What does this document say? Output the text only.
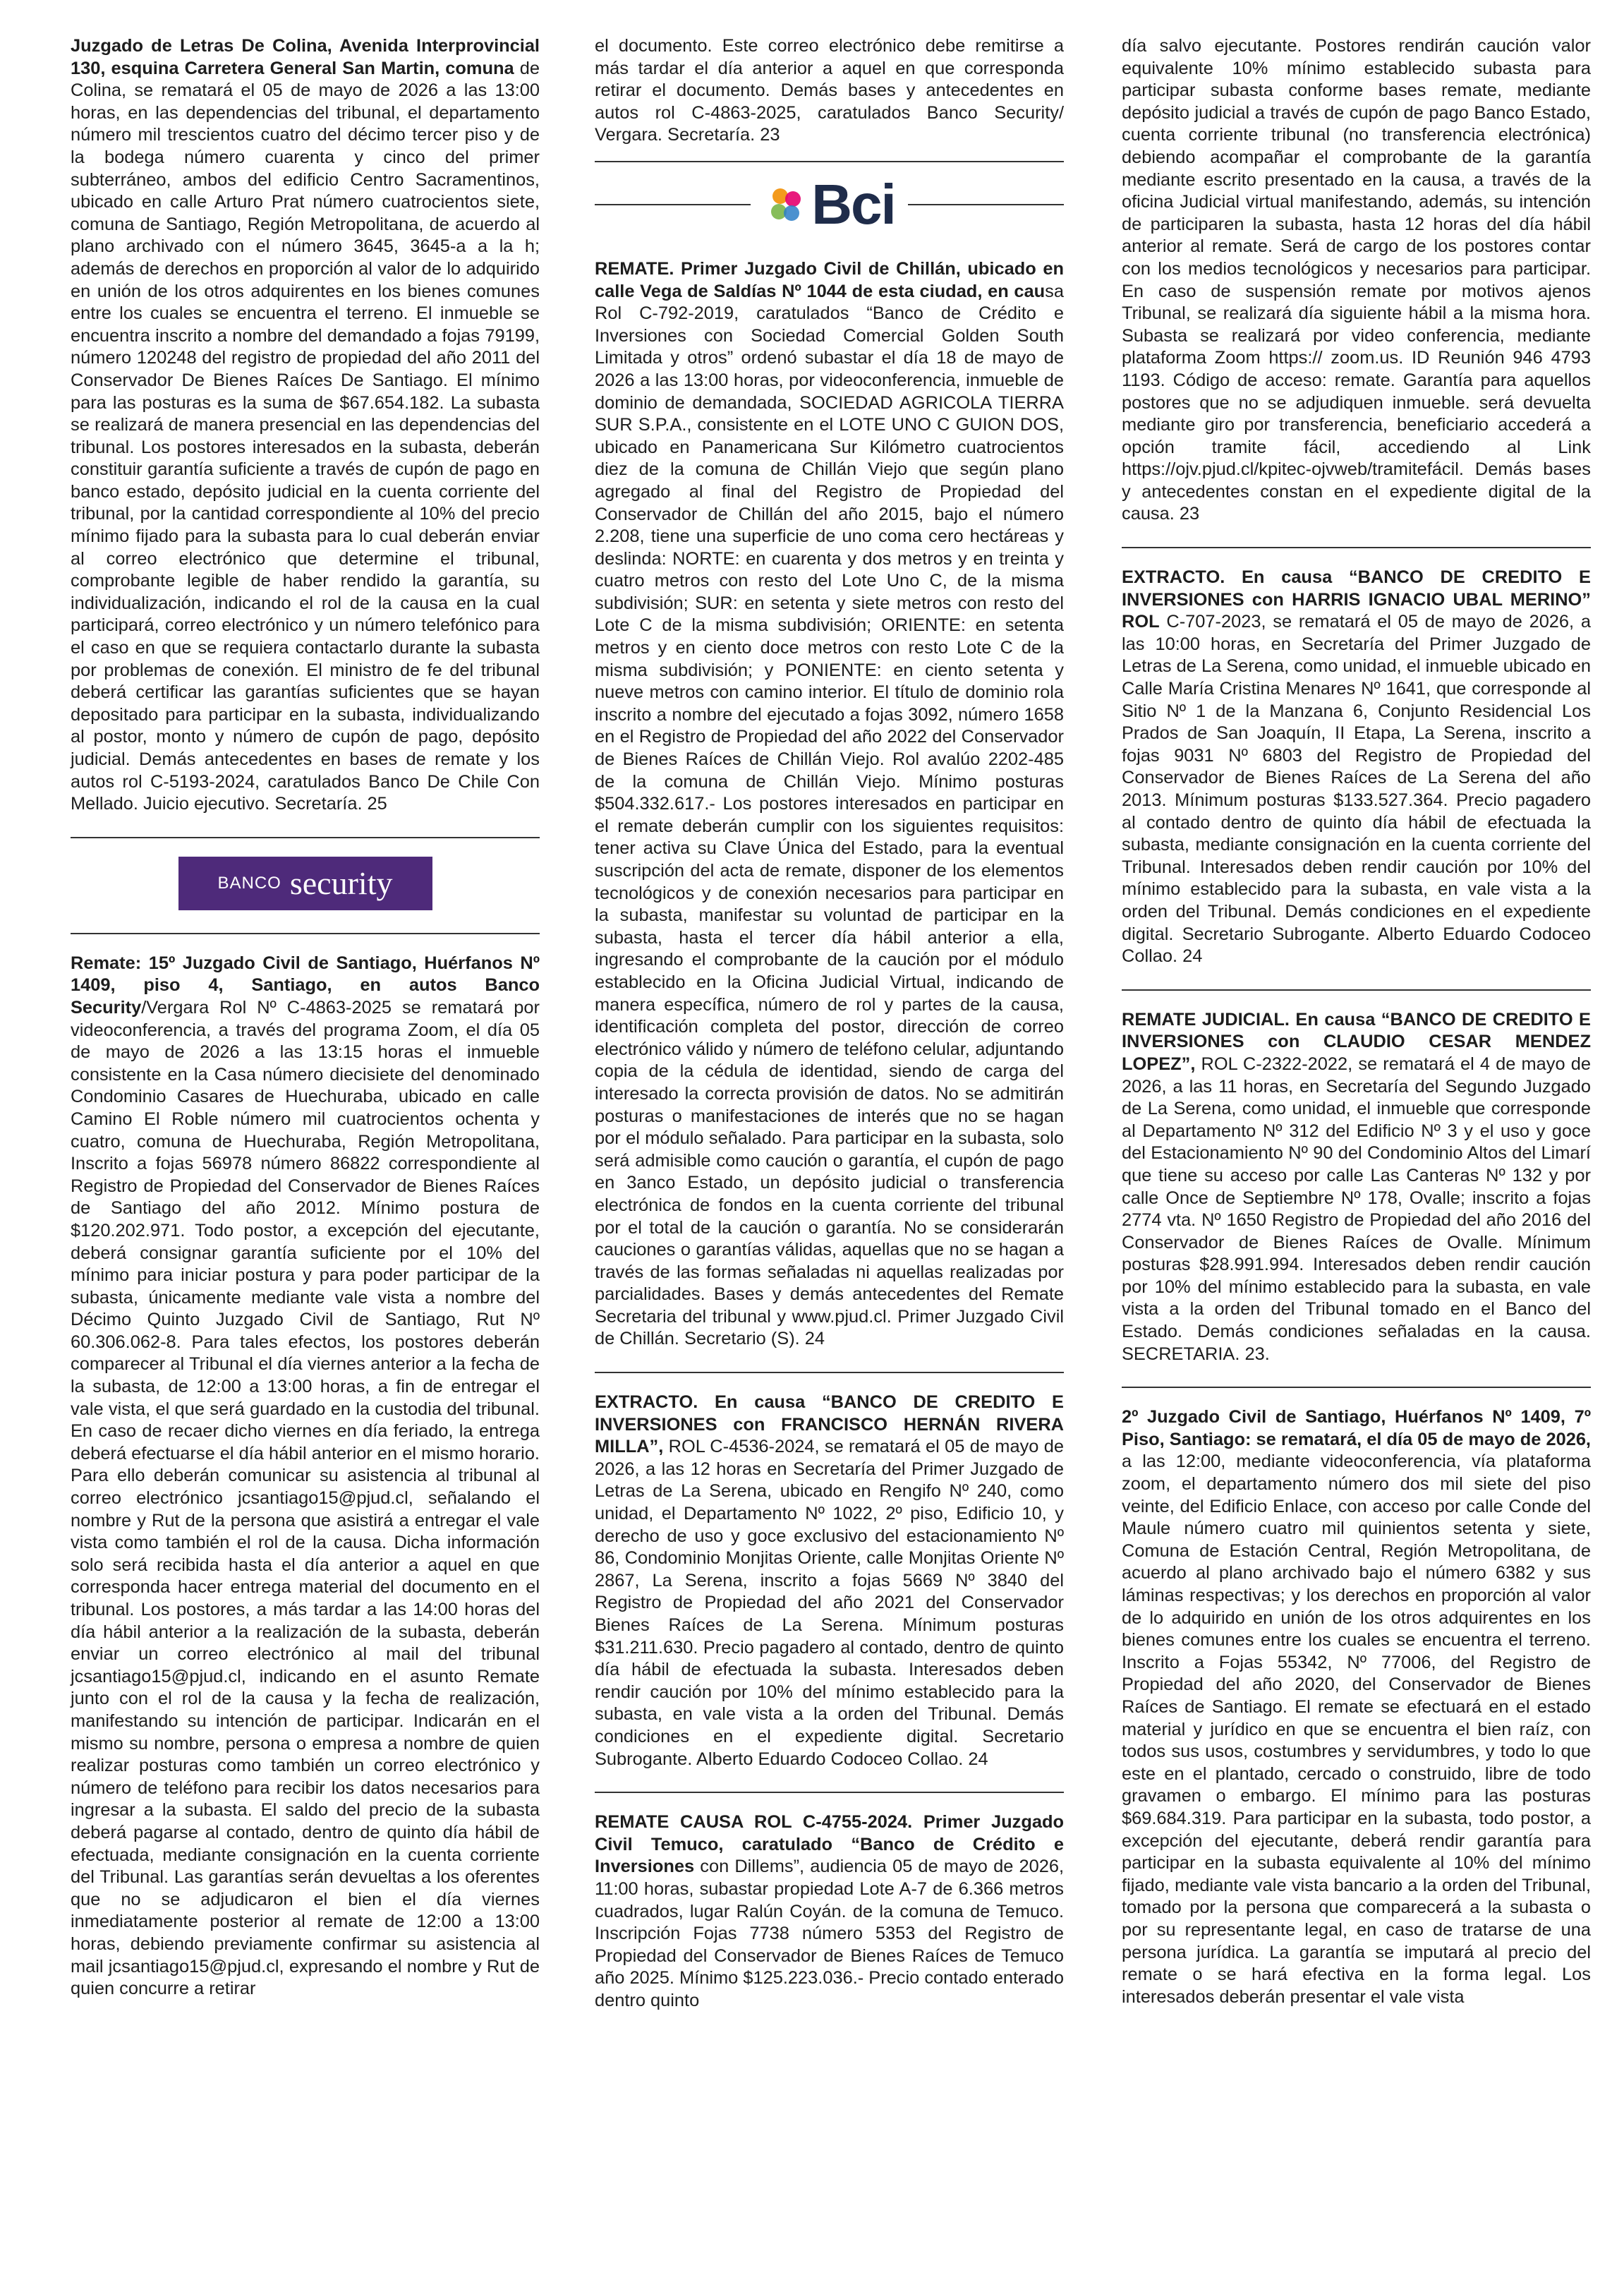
Juzgado de Letras De Colina, Avenida Interprovincial 130, esquina Carretera General San Martin, comuna de Colina, se rematará el 05 de mayo de 2026 a las 13:00 horas, en las dependencias del tribunal, el departamento número mil trescientos cuatro del décimo tercer piso y de la bodega número cuarenta y cinco del primer subterráneo, ambos del edificio Centro Sacramentinos, ubicado en calle Arturo Prat número cuatrocientos siete, comuna de Santiago, Región Metropolitana, de acuerdo al plano archivado con el número 3645, 3645-a a la h; además de derechos en proporción al valor de lo adquirido en unión de los otros adquirentes en los bienes comunes entre los cuales se encuentra el terreno. El inmueble se encuentra inscrito a nombre del demandado a fojas 79199, número 120248 del registro de propiedad del año 2011 del Conservador De Bienes Raíces De Santiago. El mínimo para las posturas es la suma de $67.654.182. La subasta se realizará de manera presencial en las dependencias del tribunal. Los postores interesados en la subasta, deberán constituir garantía suficiente a través de cupón de pago en banco estado, depósito judicial en la cuenta corriente del tribunal, por la cantidad correspondiente al 10% del precio mínimo fijado para la subasta para lo cual deberán enviar al correo electrónico que determine el tribunal, comprobante legible de haber rendido la garantía, su individualización, indicando el rol de la causa en la cual participará, correo electrónico y un número telefónico para el caso en que se requiera contactarlo durante la subasta por problemas de conexión. El ministro de fe del tribunal deberá certificar las garantías suficientes que se hayan depositado para participar en la subasta, individualizando al postor, monto y número de cupón de pago, depósito judicial. Demás antecedentes en bases de remate y los autos rol C-5193-2024, caratulados Banco De Chile Con Mellado. Juicio ejecutivo. Secretaría. 25

BANCO security

Remate: 15º Juzgado Civil de Santiago, Huérfanos Nº 1409, piso 4, Santiago, en autos Banco Security/Vergara Rol Nº C-4863-2025 se rematará por videoconferencia, a través del programa Zoom, el día 05 de mayo de 2026 a las 13:15 horas el inmueble consistente en la Casa número diecisiete del denominado Condominio Casares de Huechuraba, ubicado en calle Camino El Roble número mil cuatrocientos ochenta y cuatro, comuna de Huechuraba, Región Metropolitana, Inscrito a fojas 56978 número 86822 correspondiente al Registro de Propiedad del Conservador de Bienes Raíces de Santiago del año 2012. Mínimo postura de $120.202.971. Todo postor, a excepción del ejecutante, deberá consignar garantía suficiente por el 10% del mínimo para iniciar postura y para poder participar de la subasta, únicamente mediante vale vista a nombre del Décimo Quinto Juzgado Civil de Santiago, Rut Nº 60.306.062-8. Para tales efectos, los postores deberán comparecer al Tribunal el día viernes anterior a la fecha de la subasta, de 12:00 a 13:00 horas, a fin de entregar el vale vista, el que será guardado en la custodia del tribunal. En caso de recaer dicho viernes en día feriado, la entrega deberá efectuarse el día hábil anterior en el mismo horario. Para ello deberán comunicar su asistencia al tribunal al correo electrónico jcsantiago15@pjud.cl, señalando el nombre y Rut de la persona que asistirá a entregar el vale vista como también el rol de la causa. Dicha información solo será recibida hasta el día anterior a aquel en que corresponda hacer entrega material del documento en el tribunal. Los postores, a más tardar a las 14:00 horas del día hábil anterior a la realización de la subasta, deberán enviar un correo electrónico al mail del tribunal jcsantiago15@pjud.cl, indicando en el asunto Remate junto con el rol de la causa y la fecha de realización, manifestando su intención de participar. Indicarán en el mismo su nombre, persona o empresa a nombre de quien realizar posturas como también un correo electrónico y número de teléfono para recibir los datos necesarios para ingresar a la subasta. El saldo del precio de la subasta deberá pagarse al contado, dentro de quinto día hábil de efectuada, mediante consignación en la cuenta corriente del Tribunal. Las garantías serán devueltas a los oferentes que no se adjudicaron el bien el día viernes inmediatamente posterior al remate de 12:00 a 13:00 horas, debiendo previamente confirmar su asistencia al mail jcsantiago15@pjud.cl, expresando el nombre y Rut de quien concurre a retirar

el documento. Este correo electrónico debe remitirse a más tardar el día anterior a aquel en que corresponda retirar el documento. Demás bases y antecedentes en autos rol C-4863-2025, caratulados Banco Security/ Vergara. Secretaría. 23

Bci

REMATE. Primer Juzgado Civil de Chillán, ubicado en calle Vega de Saldías Nº 1044 de esta ciudad, en causa Rol C-792-2019, caratulados “Banco de Crédito e Inversiones con Sociedad Comercial Golden South Limitada y otros” ordenó subastar el día 18 de mayo de 2026 a las 13:00 horas, por videoconferencia, inmueble de dominio de demandada, SOCIEDAD AGRICOLA TIERRA SUR S.P.A., consistente en el LOTE UNO C GUION DOS, ubicado en Panamericana Sur Kilómetro cuatrocientos diez de la comuna de Chillán Viejo que según plano agregado al final del Registro de Propiedad del Conservador de Chillán del año 2015, bajo el número 2.208, tiene una superficie de uno coma cero hectáreas y deslinda: NORTE: en cuarenta y dos metros y en treinta y cuatro metros con resto del Lote Uno C, de la misma subdivisión; SUR: en setenta y siete metros con resto del Lote C de la misma subdivisión; ORIENTE: en setenta metros y en ciento doce metros con resto Lote C de la misma subdivisión; y PONIENTE: en ciento setenta y nueve metros con camino interior. El título de dominio rola inscrito a nombre del ejecutado a fojas 3092, número 1658 en el Registro de Propiedad del año 2022 del Conservador de Bienes Raíces de Chillán Viejo. Rol avalúo 2202-485 de la comuna de Chillán Viejo. Mínimo posturas $504.332.617.- Los postores interesados en participar en el remate deberán cumplir con los siguientes requisitos: tener activa su Clave Única del Estado, para la eventual suscripción del acta de remate, disponer de los elementos tecnológicos y de conexión necesarios para participar en la subasta, manifestar su voluntad de participar en la subasta, hasta el tercer día hábil anterior a ella, ingresando el comprobante de la caución por el módulo establecido en la Oficina Judicial Virtual, indicando de manera específica, número de rol y partes de la causa, identificación completa del postor, dirección de correo electrónico válido y número de teléfono celular, adjuntando copia de la cédula de identidad, siendo de carga del interesado la correcta provisión de datos. No se admitirán posturas o manifestaciones de interés que no se hagan por el módulo señalado. Para participar en la subasta, solo será admisible como caución o garantía, el cupón de pago en 3anco Estado, un depósito judicial o transferencia electrónica de fondos en la cuenta corriente del tribunal por el total de la caución o garantía. No se considerarán cauciones o garantías válidas, aquellas que no se hagan a través de las formas señaladas ni aquellas realizadas por parcialidades. Bases y demás antecedentes del Remate Secretaria del tribunal y www.pjud.cl. Primer Juzgado Civil de Chillán. Secretario (S). 24

EXTRACTO. En causa “BANCO DE CREDITO E INVERSIONES con FRANCISCO HERNÁN RIVERA MILLA”, ROL C-4536-2024, se rematará el 05 de mayo de 2026, a las 12 horas en Secretaría del Primer Juzgado de Letras de La Serena, ubicado en Rengifo Nº 240, como unidad, el Departamento Nº 1022, 2º piso, Edificio 10, y derecho de uso y goce exclusivo del estacionamiento Nº 86, Condominio Monjitas Oriente, calle Monjitas Oriente Nº 2867, La Serena, inscrito a fojas 5669 Nº 3840 del Registro de Propiedad del año 2021 del Conservador Bienes Raíces de La Serena. Mínimum posturas $31.211.630. Precio pagadero al contado, dentro de quinto día hábil de efectuada la subasta. Interesados deben rendir caución por 10% del mínimo establecido para la subasta, en vale vista a la orden del Tribunal. Demás condiciones en el expediente digital. Secretario Subrogante. Alberto Eduardo Codoceo Collao. 24

REMATE CAUSA ROL C-4755-2024. Primer Juzgado Civil Temuco, caratulado “Banco de Crédito e Inversiones con Dillems”, audiencia 05 de mayo de 2026, 11:00 horas, subastar propiedad Lote A-7 de 6.366 metros cuadrados, lugar Ralún Coyán. de la comuna de Temuco. Inscripción Fojas 7738 número 5353 del Registro de Propiedad del Conservador de Bienes Raíces de Temuco año 2025. Mínimo $125.223.036.- Precio contado enterado dentro quinto

día salvo ejecutante. Postores rendirán caución valor equivalente 10% mínimo establecido subasta para participar subasta conforme bases remate, mediante depósito judicial a través de cupón de pago Banco Estado, cuenta corriente tribunal (no transferencia electrónica) debiendo acompañar el comprobante de la garantía mediante escrito presentado en la causa, a través de la oficina Judicial virtual manifestando, además, su intención de participaren la subasta, hasta 12 horas del día hábil anterior al remate. Será de cargo de los postores contar con los medios tecnológicos y necesarios para participar. En caso de suspensión remate por motivos ajenos Tribunal, se realizará día siguiente hábil a la misma hora. Subasta se realizará por video conferencia, mediante plataforma Zoom https:// zoom.us. ID Reunión 946 4793 1193. Código de acceso: remate. Garantía para aquellos postores que no se adjudiquen inmueble. será devuelta mediante giro por transferencia, beneficiario accederá a opción tramite fácil, accediendo al Link https://ojv.pjud.cl/kpitec-ojvweb/tramitefácil. Demás bases y antecedentes constan en el expediente digital de la causa. 23

EXTRACTO. En causa “BANCO DE CREDITO E INVERSIONES con HARRIS IGNACIO UBAL MERINO” ROL C-707-2023, se rematará el 05 de mayo de 2026, a las 10:00 horas, en Secretaría del Primer Juzgado de Letras de La Serena, como unidad, el inmueble ubicado en Calle María Cristina Menares Nº 1641, que corresponde al Sitio Nº 1 de la Manzana 6, Conjunto Residencial Los Prados de San Joaquín, II Etapa, La Serena, inscrito a fojas 9031 Nº 6803 del Registro de Propiedad del Conservador de Bienes Raíces de La Serena del año 2013. Mínimum posturas $133.527.364. Precio pagadero al contado dentro de quinto día hábil de efectuada la subasta, mediante consignación en la cuenta corriente del Tribunal. Interesados deben rendir caución por 10% del mínimo establecido para la subasta, en vale vista a la orden del Tribunal. Demás condiciones en el expediente digital. Secretario Subrogante. Alberto Eduardo Codoceo Collao. 24

REMATE JUDICIAL. En causa “BANCO DE CREDITO E INVERSIONES con CLAUDIO CESAR MENDEZ LOPEZ”, ROL C-2322-2022, se rematará el 4 de mayo de 2026, a las 11 horas, en Secretaría del Segundo Juzgado de La Serena, como unidad, el inmueble que corresponde al Departamento Nº 312 del Edificio Nº 3 y el uso y goce del Estacionamiento Nº 90 del Condominio Altos del Limarí que tiene su acceso por calle Las Canteras Nº 132 y por calle Once de Septiembre Nº 178, Ovalle; inscrito a fojas 2774 vta. Nº 1650 Registro de Propiedad del año 2016 del Conservador de Bienes Raíces de Ovalle. Mínimum posturas $28.991.994. Interesados deben rendir caución por 10% del mínimo establecido para la subasta, en vale vista a la orden del Tribunal tomado en el Banco del Estado. Demás condiciones señaladas en la causa. SECRETARIA. 23.

2º Juzgado Civil de Santiago, Huérfanos Nº 1409, 7º Piso, Santiago: se rematará, el día 05 de mayo de 2026, a las 12:00, mediante videoconferencia, vía plataforma zoom, el departamento número dos mil siete del piso veinte, del Edificio Enlace, con acceso por calle Conde del Maule número cuatro mil quinientos setenta y siete, Comuna de Estación Central, Región Metropolitana, de acuerdo al plano archivado bajo el número 6382 y sus láminas respectivas; y los derechos en proporción al valor de lo adquirido en unión de los otros adquirentes en los bienes comunes entre los cuales se encuentra el terreno. Inscrito a Fojas 55342, Nº 77006, del Registro de Propiedad del año 2020, del Conservador de Bienes Raíces de Santiago. El remate se efectuará en el estado material y jurídico en que se encuentra el bien raíz, con todos sus usos, costumbres y servidumbres, y todo lo que este en el plantado, cercado o construido, libre de todo gravamen o embargo. El mínimo para las posturas $69.684.319. Para participar en la subasta, todo postor, a excepción del ejecutante, deberá rendir garantía para participar en la subasta equivalente al 10% del mínimo fijado, mediante vale vista bancario a la orden del Tribunal, tomado por la persona que comparecerá a la subasta o por su representante legal, en caso de tratarse de una persona jurídica. La garantía se imputará al precio del remate o se hará efectiva en la forma legal. Los interesados deberán presentar el vale vista
